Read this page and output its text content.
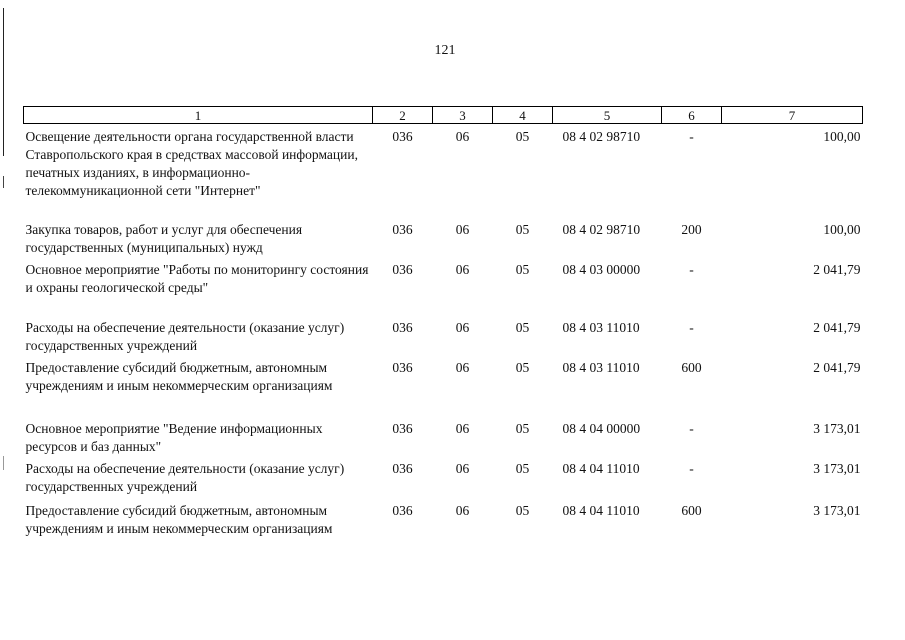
121
1	2	3	4	5	6	7
Освещение деятельности органа государственной власти Ставропольского края в средствах массовой информации, печатных изданиях, в информационно-телекоммуникационной сети "Интернет"	036	06	05	08 4 02 98710	-	100,00
Закупка товаров, работ и услуг для обеспечения государственных (муниципальных) нужд	036	06	05	08 4 02 98710	200	100,00
Основное мероприятие "Работы по мониторингу состояния и охраны геологической среды"	036	06	05	08 4 03 00000	-	2 041,79
Расходы на обеспечение деятельности (оказание услуг) государственных учреждений	036	06	05	08 4 03 11010	-	2 041,79
Предоставление субсидий бюджетным, автономным учреждениям и иным некоммерческим организациям	036	06	05	08 4 03 11010	600	2 041,79
Основное мероприятие "Ведение информационных ресурсов и баз данных"	036	06	05	08 4 04 00000	-	3 173,01
Расходы на обеспечение деятельности (оказание услуг) государственных учреждений	036	06	05	08 4 04 11010	-	3 173,01
Предоставление субсидий бюджетным, автономным учреждениям и иным некоммерческим организациям	036	06	05	08 4 04 11010	600	3 173,01
